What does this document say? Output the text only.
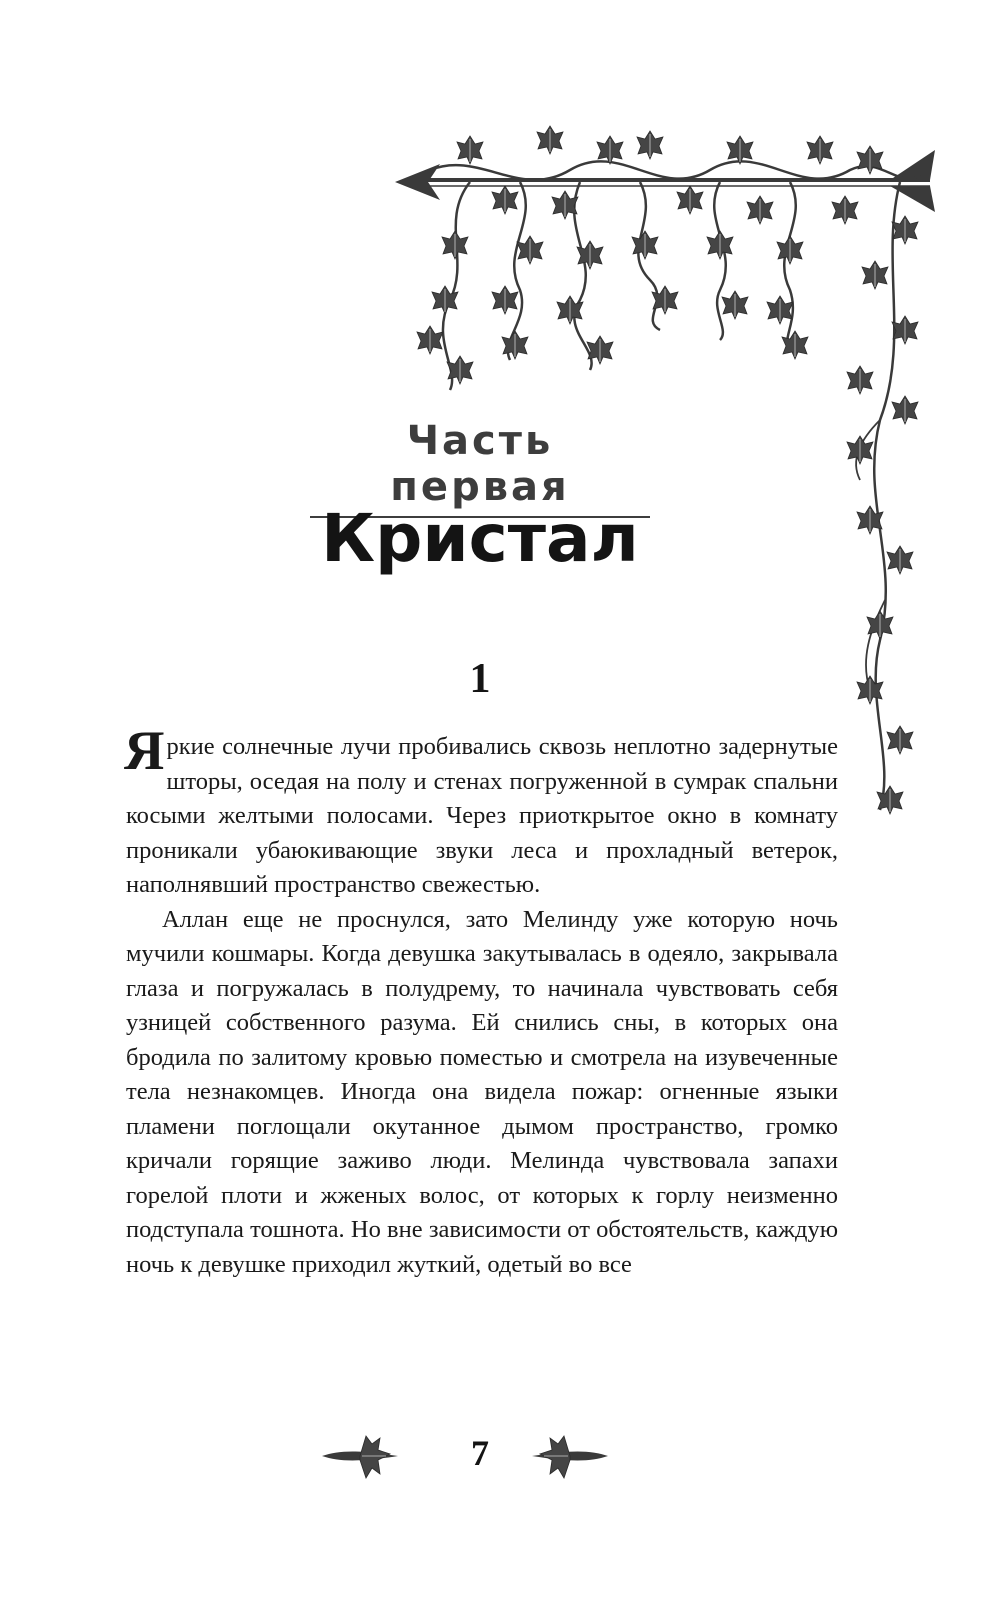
Часть первая
Кристал
1

Яркие солнечные лучи пробивались сквозь неплотно задернутые шторы, оседая на полу и стенах погруженной в сумрак спальни косыми желтыми полосами. Через приоткрытое окно в комнату проникали убаюкивающие звуки леса и прохладный ветерок, наполнявший пространство свежестью.

Аллан еще не проснулся, зато Мелинду уже которую ночь мучили кошмары. Когда девушка закутывалась в одеяло, закрывала глаза и погружалась в полудрему, то начинала чувствовать себя узницей собственного разума. Ей снились сны, в которых она бродила по залитому кровью поместью и смотрела на изувеченные тела незнакомцев. Иногда она видела пожар: огненные языки пламени поглощали окутанное дымом пространство, громко кричали горящие заживо люди. Мелинда чувствовала запахи горелой плоти и жженых волос, от которых к горлу неизменно подступала тошнота. Но вне зависимости от обстоятельств, каждую ночь к девушке приходил жуткий, одетый во все

7
